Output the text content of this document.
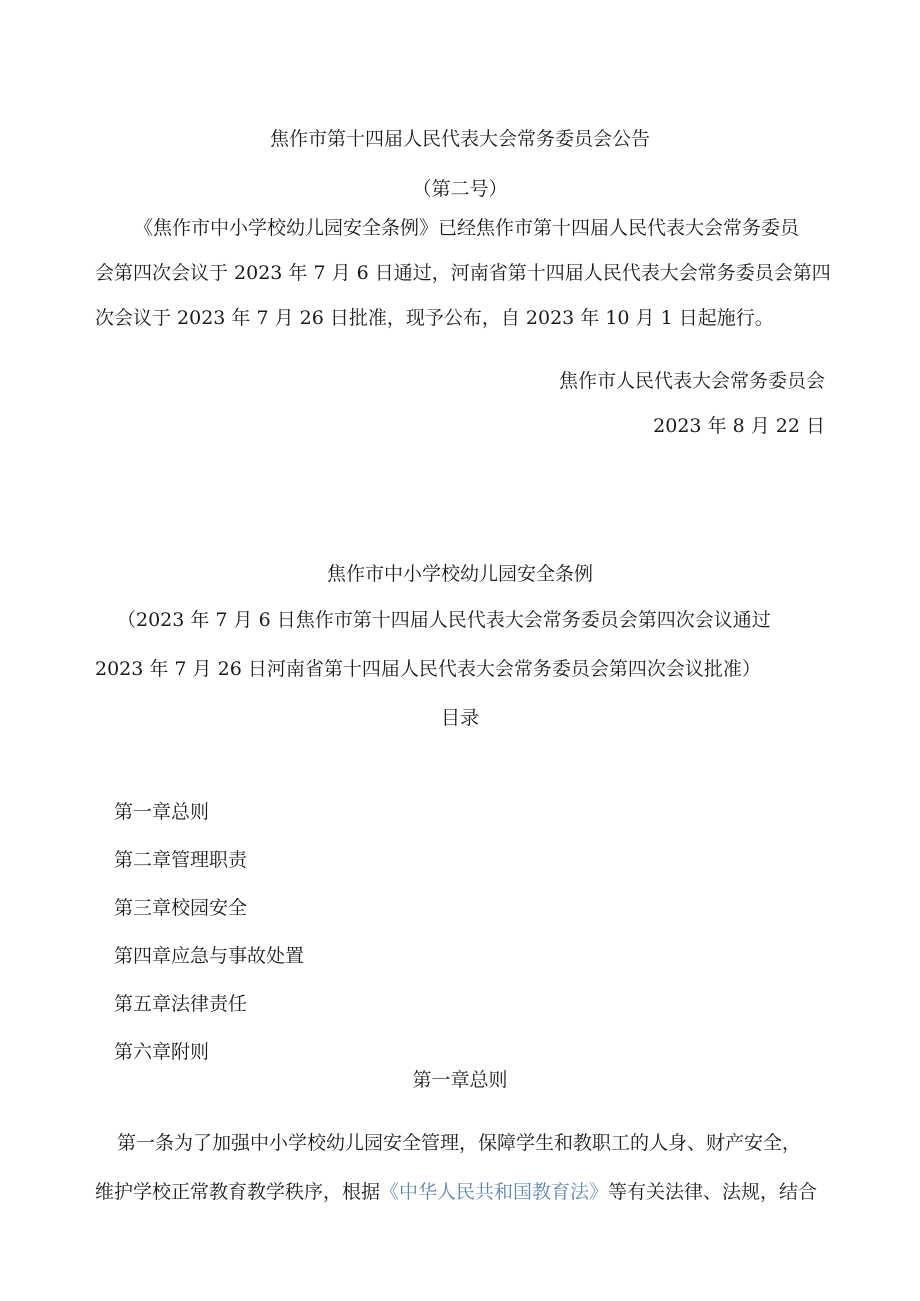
焦作市第十四届人民代表大会常务委员会公告
（第二号）
《焦作市中小学校幼儿园安全条例》已经焦作市第十四届人民代表大会常务委员
会第四次会议于 2023 年 7 月 6 日通过，河南省第十四届人民代表大会常务委员会第四
次会议于 2023 年 7 月 26 日批准，现予公布，自 2023 年 10 月 1 日起施行。
焦作市人民代表大会常务委员会
2023 年 8 月 22 日
焦作市中小学校幼儿园安全条例
（2023 年 7 月 6 日焦作市第十四届人民代表大会常务委员会第四次会议通过
2023 年 7 月 26 日河南省第十四届人民代表大会常务委员会第四次会议批准）
目录
第一章总则
第二章管理职责
第三章校园安全
第四章应急与事故处置
第五章法律责任
第六章附则
第一章总则
第一条为了加强中小学校幼儿园安全管理，保障学生和教职工的人身、财产安全，
维护学校正常教育教学秩序，根据《中华人民共和国教育法》等有关法律、法规，结合
